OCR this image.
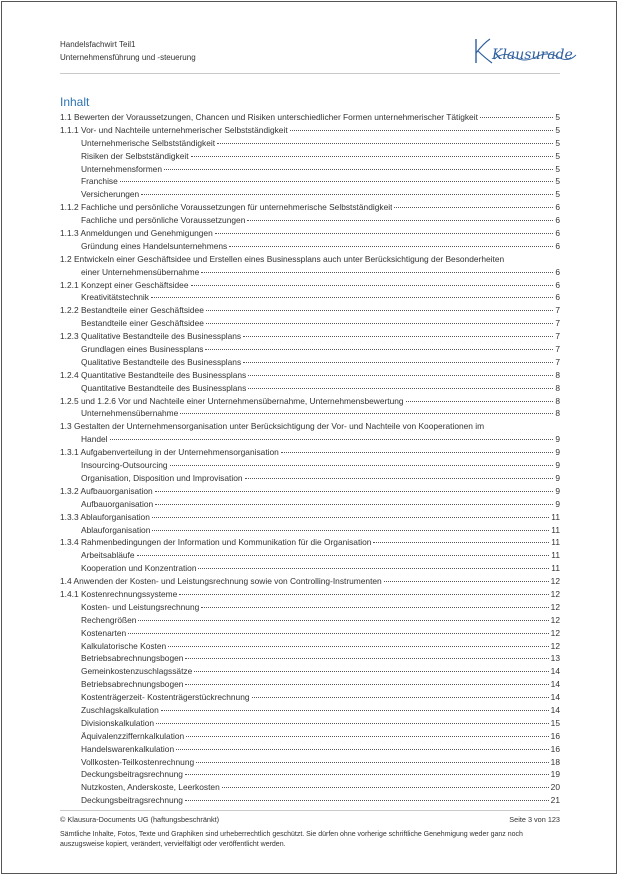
Handelsfachwirt Teil1
Unternehmensführung und -steuerung	Klausurade
Inhalt
1.1 Bewerten der Voraussetzungen, Chancen und Risiken unterschiedlicher Formen unternehmerischer Tätigkeit	5
1.1.1 Vor- und Nachteile unternehmerischer Selbstständigkeit	5
Unternehmerische Selbstständigkeit	5
Risiken der Selbstständigkeit	5
Unternehmensformen	5
Franchise	5
Versicherungen	5
1.1.2 Fachliche und persönliche Voraussetzungen für unternehmerische Selbstständigkeit	6
Fachliche und persönliche Voraussetzungen	6
1.1.3 Anmeldungen und Genehmigungen	6
Gründung eines Handelsunternehmens	6
1.2 Entwickeln einer Geschäftsidee und Erstellen eines Businessplans auch unter Berücksichtigung der Besonderheiten
einer Unternehmensübernahme	6
1.2.1 Konzept einer Geschäftsidee	6
Kreativitätstechnik	6
1.2.2 Bestandteile einer Geschäftsidee	7
Bestandteile einer Geschäftsidee	7
1.2.3 Qualitative Bestandteile des Businessplans	7
Grundlagen eines Businessplans	7
Qualitative Bestandteile des Businessplans	7
1.2.4 Quantitative Bestandteile des Businessplans	8
Quantitative Bestandteile des Businessplans	8
1.2.5 und 1.2.6 Vor und Nachteile einer Unternehmensübernahme, Unternehmensbewertung	8
Unternehmensübernahme	8
1.3 Gestalten der Unternehmensorganisation unter Berücksichtigung der Vor- und Nachteile von Kooperationen im
Handel	9
1.3.1 Aufgabenverteilung in der Unternehmensorganisation	9
Insourcing-Outsourcing	9
Organisation, Disposition und Improvisation	9
1.3.2 Aufbauorganisation	9
Aufbauorganisation	9
1.3.3 Ablauforganisation	11
Ablauforganisation	11
1.3.4 Rahmenbedingungen der Information und Kommunikation für die Organisation	11
Arbeitsabläufe	11
Kooperation und Konzentration	11
1.4 Anwenden der Kosten- und Leistungsrechnung sowie von Controlling-Instrumenten	12
1.4.1 Kostenrechnungssysteme	12
Kosten- und Leistungsrechnung	12
Rechengrößen	12
Kostenarten	12
Kalkulatorische Kosten	12
Betriebsabrechnungsbogen	13
Gemeinkostenzuschlagssätze	14
Betriebsabrechnungsbogen	14
Kostenträgerzeit- Kostenträgerstückrechnung	14
Zuschlagskalkulation	14
Divisionskalkulation	15
Äquivalenzziffernkalkulation	16
Handelswarenkalkulation	16
Vollkosten-Teilkostenrechnung	18
Deckungsbeitragsrechnung	19
Nutzkosten, Anderskoste, Leerkosten	20
Deckungsbeitragsrechnung	21
© Klausura-Documents UG (haftungsbeschränkt)	Seite 3 von 123
Sämtliche Inhalte, Fotos, Texte und Graphiken sind urheberrechtlich geschützt. Sie dürfen ohne vorherige schriftliche Genehmigung weder ganz noch auszugsweise kopiert, verändert, vervielfältigt oder veröffentlicht werden.
